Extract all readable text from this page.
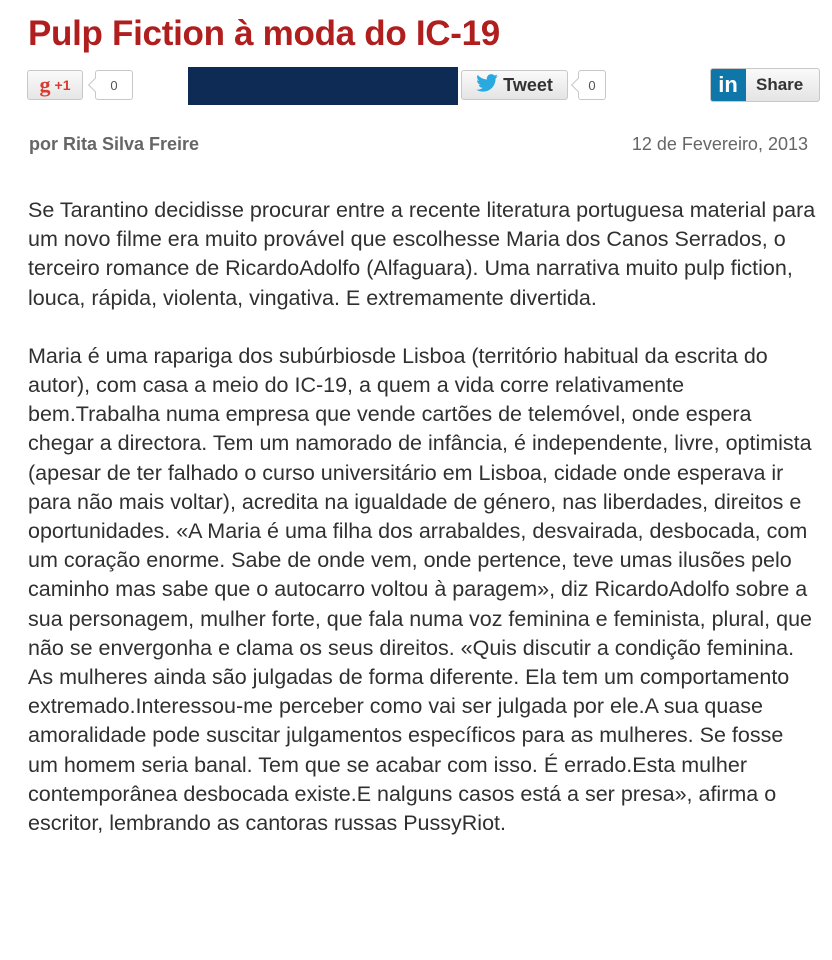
Pulp Fiction à moda do IC-19
g +1	0	Tweet	0	in	Share
por Rita Silva Freire	12 de Fevereiro, 2013

Se Tarantino decidisse procurar entre a recente literatura portuguesa material para um novo filme era muito provável que escolhesse Maria dos Canos Serrados, o terceiro romance de RicardoAdolfo (Alfaguara). Uma narrativa muito pulp fiction, louca, rápida, violenta, vingativa. E extremamente divertida.

Maria é uma rapariga dos subúrbiosde Lisboa (território habitual da escrita do autor), com casa a meio do IC-19, a quem a vida corre relativamente bem.Trabalha numa empresa que vende cartões de telemóvel, onde espera chegar a directora. Tem um namorado de infância, é independente, livre, optimista (apesar de ter falhado o curso universitário em Lisboa, cidade onde esperava ir para não mais voltar), acredita na igualdade de género, nas liberdades, direitos e oportunidades. «A Maria é uma filha dos arrabaldes, desvairada, desbocada, com um coração enorme. Sabe de onde vem, onde pertence, teve umas ilusões pelo caminho mas sabe que o autocarro voltou à paragem», diz RicardoAdolfo sobre a sua personagem, mulher forte, que fala numa voz feminina e feminista, plural, que não se envergonha e clama os seus direitos. «Quis discutir a condição feminina. As mulheres ainda são julgadas de forma diferente. Ela tem um comportamento extremado.Interessou-me perceber como vai ser julgada por ele.A sua quase amoralidade pode suscitar julgamentos específicos para as mulheres. Se fosse um homem seria banal. Tem que se acabar com isso. É errado.Esta mulher contemporânea desbocada existe.E nalguns casos está a ser presa», afirma o escritor, lembrando as cantoras russas PussyRiot.
